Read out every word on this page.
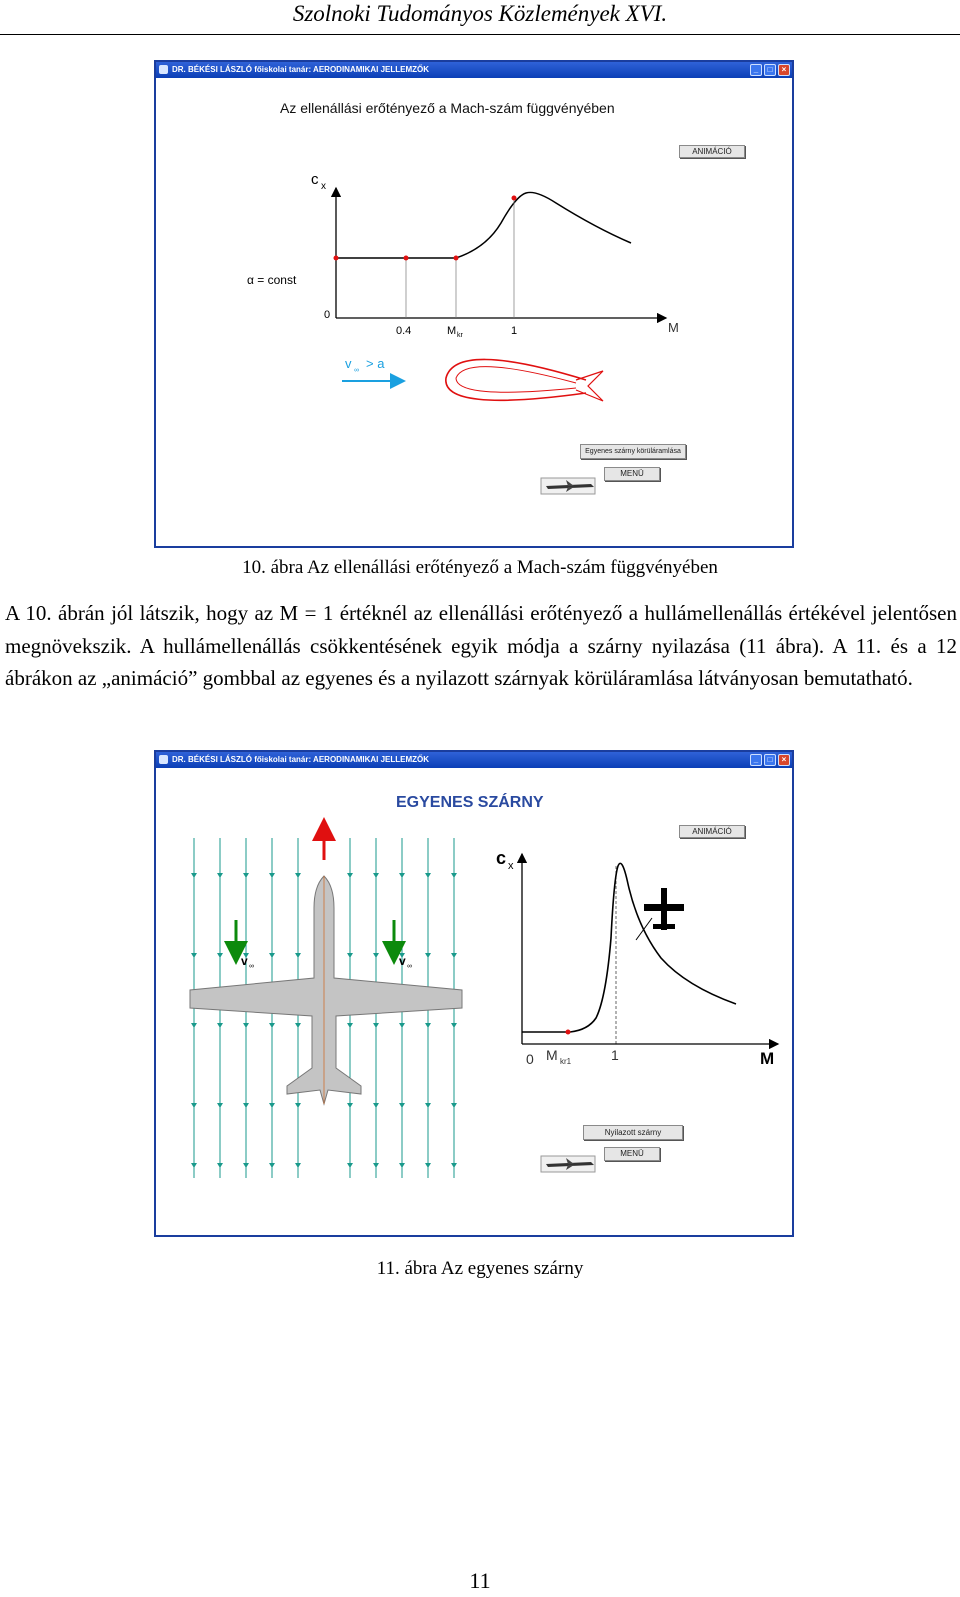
Szolnoki Tudományos Közlemények XVI.
DR. BÉKÉSI LÁSZLÓ főiskolai tanár: AERODINAMIKAI JELLEMZŐK	_	□	×
Az ellenállási erőtényező a Mach-szám függvényében
ANIMÁCIÓ
c x
α = const
0
0.4	M kr	1	M
v ∞ > a
Egyenes szárny körüláramlása
MENÜ
10. ábra Az ellenállási erőtényező a Mach-szám függvényében
A 10. ábrán jól látszik, hogy az M = 1 értéknél az ellenállási erőtényező a hullámellenállás értékével jelentősen megnövekszik. A hullámellenállás csökkentésének egyik módja a szárny nyilazása (11 ábra). A 11. és a 12 ábrákon az „animáció” gombbal az egyenes és a nyilazott szárnyak körüláramlása látványosan bemutatható.
DR. BÉKÉSI LÁSZLÓ főiskolai tanár: AERODINAMIKAI JELLEMZŐK	_	□	×
EGYENES SZÁRNY
ANIMÁCIÓ
v ∞	v ∞
c x
0 M kr1	1	M
Nyilazott szárny
MENÜ
11. ábra Az egyenes szárny
11
